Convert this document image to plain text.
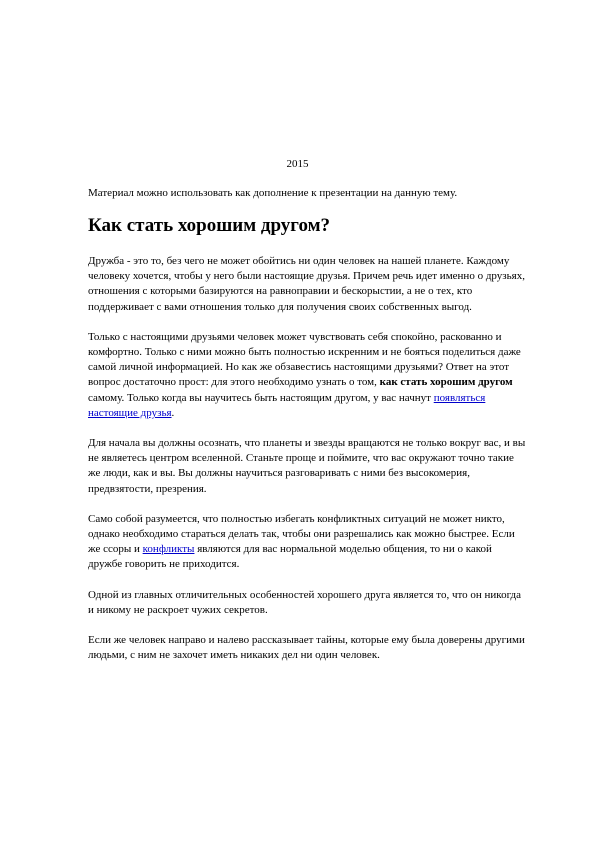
2015
Материал можно использовать как дополнение к презентации на данную тему.
Как стать хорошим другом?

Дружба - это то, без чего не может обойтись ни один человек на нашей планете. Каждому человеку хочется, чтобы у него были настоящие друзья. Причем речь идет именно о друзьях, отношения с которыми базируются на равноправии и бескорыстии, а не о тех, кто поддерживает с вами отношения только для получения своих собственных выгод.

Только с настоящими друзьями человек может чувствовать себя спокойно, раскованно и комфортно. Только с ними можно быть полностью искренним и не бояться поделиться даже самой личной информацией. Но как же обзавестись настоящими друзьями? Ответ на этот вопрос достаточно прост: для этого необходимо узнать о том, как стать хорошим другом самому. Только когда вы научитесь быть настоящим другом, у вас начнут появляться настоящие друзья.

Для начала вы должны осознать, что планеты и звезды вращаются не только вокруг вас, и вы не являетесь центром вселенной. Станьте проще и поймите, что вас окружают точно такие же люди, как и вы. Вы должны научиться разговаривать с ними без высокомерия, предвзятости, презрения.

Само собой разумеется, что полностью избегать конфликтных ситуаций не может никто, однако необходимо стараться делать так, чтобы они разрешались как можно быстрее. Если же ссоры и конфликты являются для вас нормальной моделью общения, то ни о какой дружбе говорить не приходится.

Одной из главных отличительных особенностей хорошего друга является то, что он никогда и никому не раскроет чужих секретов.

Если же человек направо и налево рассказывает тайны, которые ему была доверены другими людьми, с ним не захочет иметь никаких дел ни один человек.
